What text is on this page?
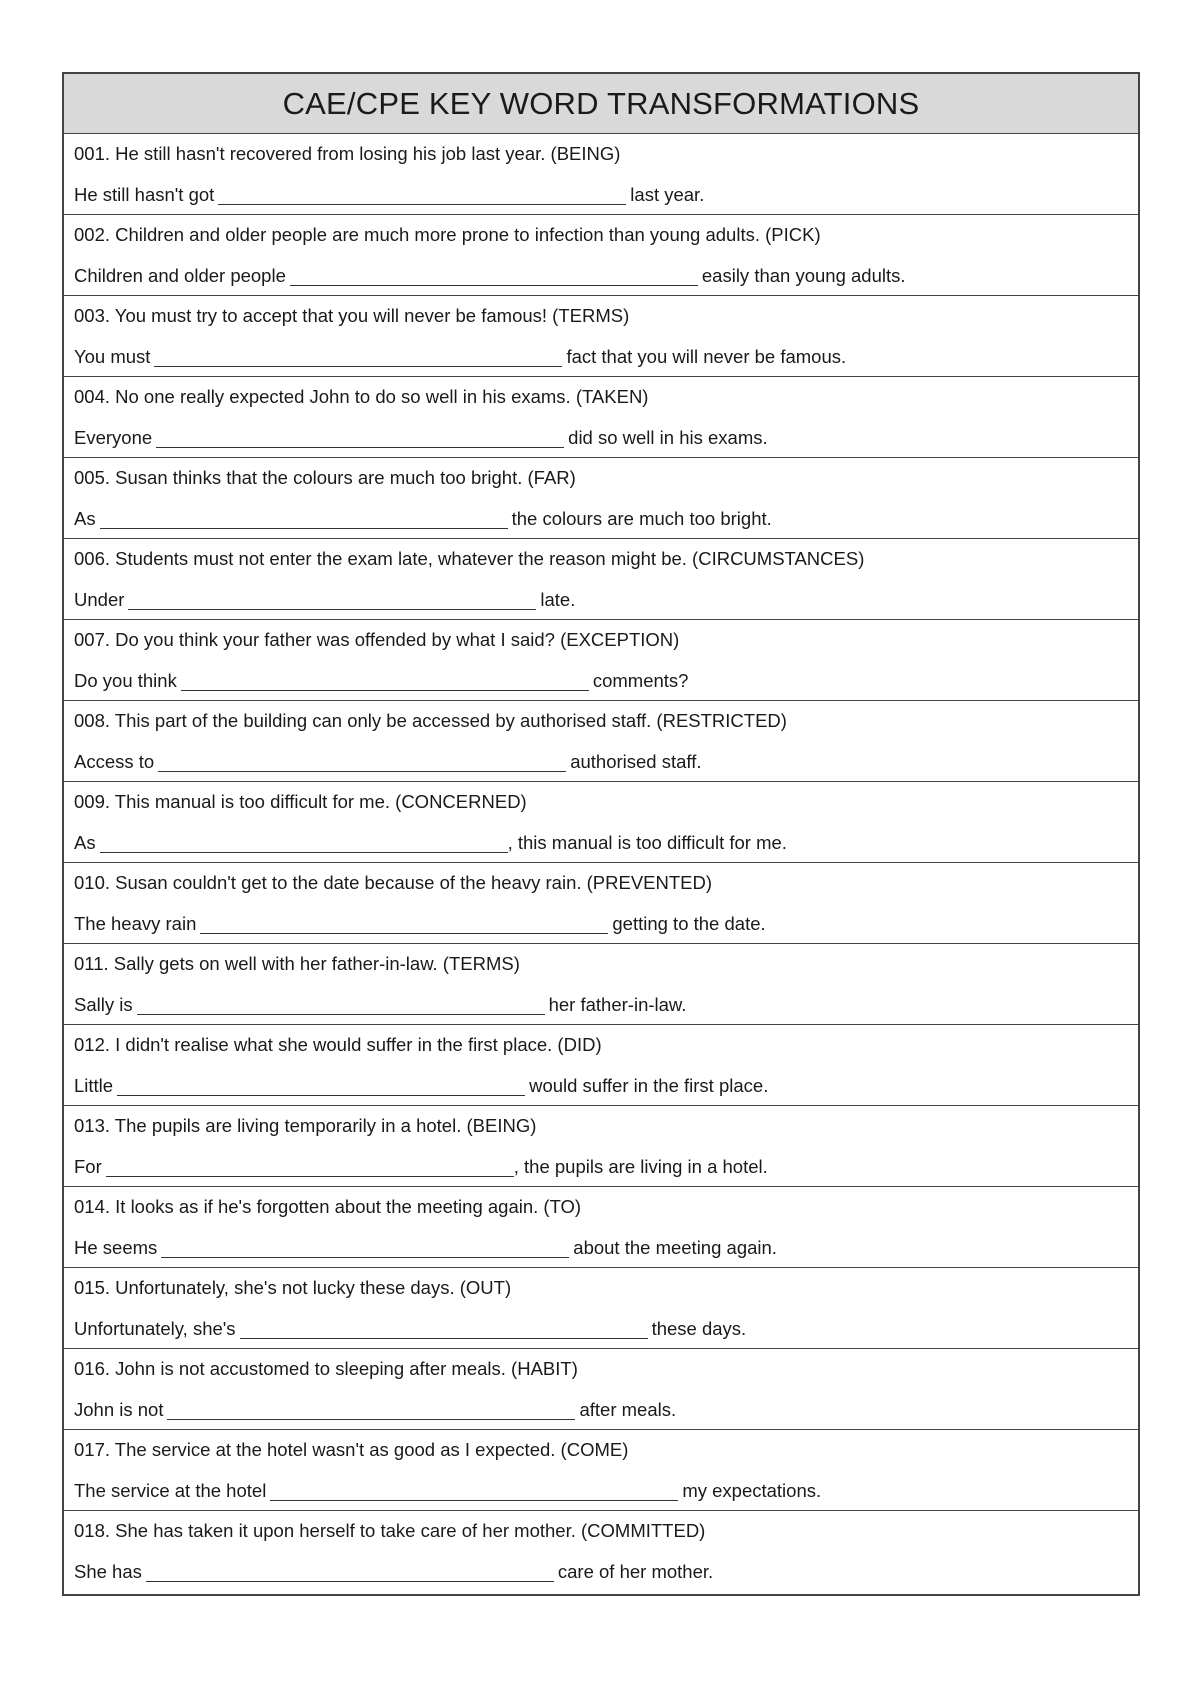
CAE/CPE KEY WORD TRANSFORMATIONS
001. He still hasn't recovered from losing his job last year. (BEING)
He still hasn't got	last year.
002. Children and older people are much more prone to infection than young adults. (PICK)
Children and older people	easily than young adults.
003. You must try to accept that you will never be famous! (TERMS)
You must	fact that you will never be famous.
004. No one really expected John to do so well in his exams. (TAKEN)
Everyone	did so well in his exams.
005. Susan thinks that the colours are much too bright. (FAR)
As	the colours are much too bright.
006. Students must not enter the exam late, whatever the reason might be. (CIRCUMSTANCES)
Under	late.
007. Do you think your father was offended by what I said? (EXCEPTION)
Do you think	comments?
008. This part of the building can only be accessed by authorised staff. (RESTRICTED)
Access to	authorised staff.
009. This manual is too difficult for me. (CONCERNED)
As	, this manual is too difficult for me.
010. Susan couldn't get to the date because of the heavy rain. (PREVENTED)
The heavy rain	getting to the date.
011. Sally gets on well with her father-in-law. (TERMS)
Sally is	her father-in-law.
012. I didn't realise what she would suffer in the first place. (DID)
Little	would suffer in the first place.
013. The pupils are living temporarily in a hotel. (BEING)
For	, the pupils are living in a hotel.
014. It looks as if he's forgotten about the meeting again. (TO)
He seems	about the meeting again.
015. Unfortunately, she's not lucky these days. (OUT)
Unfortunately, she's	these days.
016. John is not accustomed to sleeping after meals. (HABIT)
John is not	after meals.
017. The service at the hotel wasn't as good as I expected. (COME)
The service at the hotel	my expectations.
018. She has taken it upon herself to take care of her mother. (COMMITTED)
She has	care of her mother.
